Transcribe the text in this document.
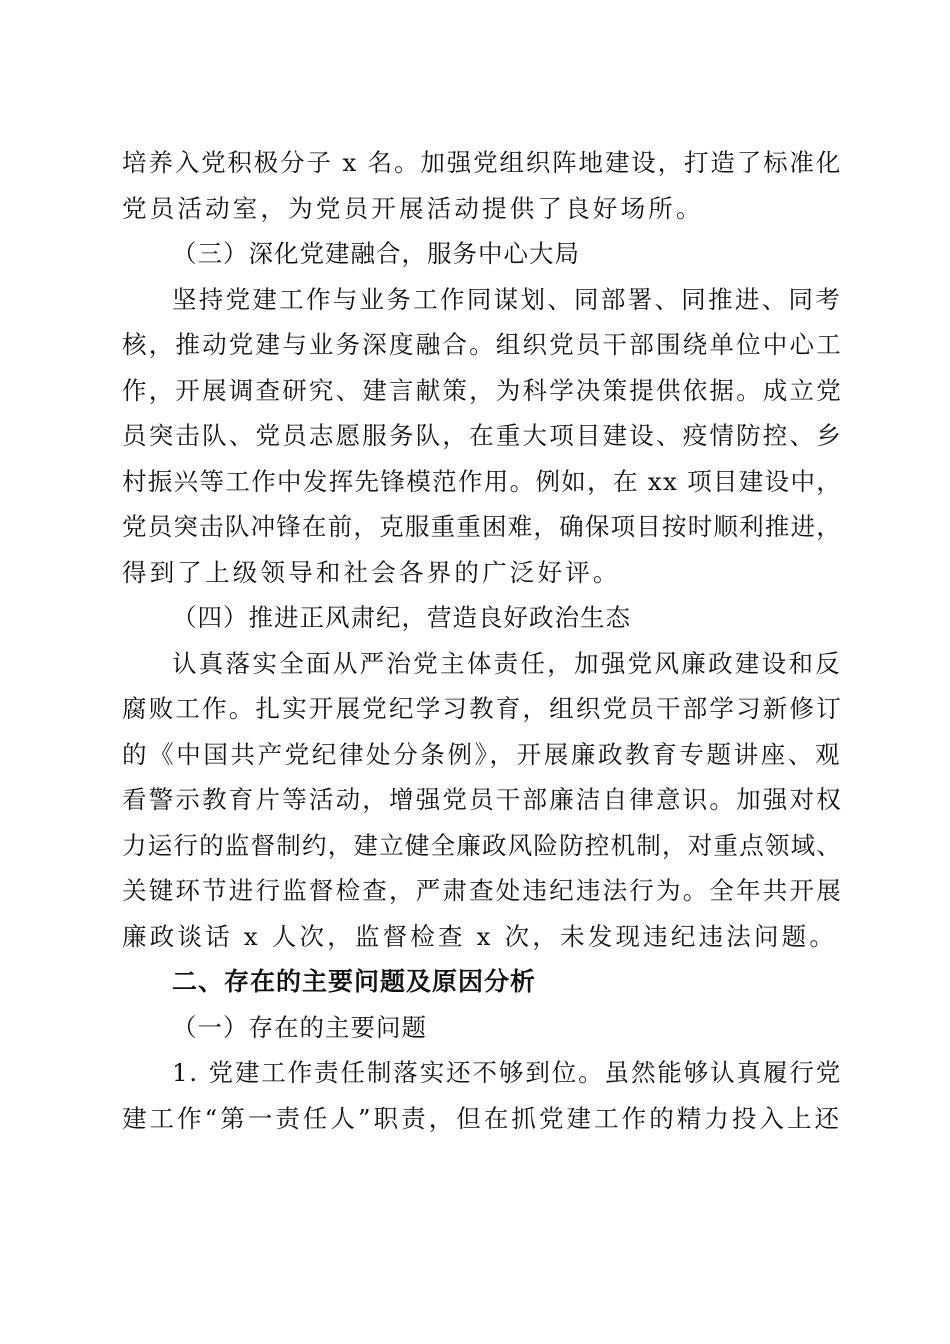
培养入党积极分子 x 名。加强党组织阵地建设，打造了标准化
党员活动室，为党员开展活动提供了良好场所。
（三）深化党建融合，服务中心大局
坚持党建工作与业务工作同谋划、同部署、同推进、同考
核，推动党建与业务深度融合。组织党员干部围绕单位中心工
作，开展调查研究、建言献策，为科学决策提供依据。成立党
员突击队、党员志愿服务队，在重大项目建设、疫情防控、乡
村振兴等工作中发挥先锋模范作用。例如，在 xx 项目建设中，
党员突击队冲锋在前，克服重重困难，确保项目按时顺利推进，
得到了上级领导和社会各界的广泛好评。
（四）推进正风肃纪，营造良好政治生态
认真落实全面从严治党主体责任，加强党风廉政建设和反
腐败工作。扎实开展党纪学习教育，组织党员干部学习新修订
的《中国共产党纪律处分条例》，开展廉政教育专题讲座、观
看警示教育片等活动，增强党员干部廉洁自律意识。加强对权
力运行的监督制约，建立健全廉政风险防控机制，对重点领域、
关键环节进行监督检查，严肃查处违纪违法行为。全年共开展
廉政谈话 x 人次，监督检查 x 次，未发现违纪违法问题。
二、存在的主要问题及原因分析
（一）存在的主要问题
1. 党建工作责任制落实还不够到位。虽然能够认真履行党
建工作“第一责任人”职责，但在抓党建工作的精力投入上还
